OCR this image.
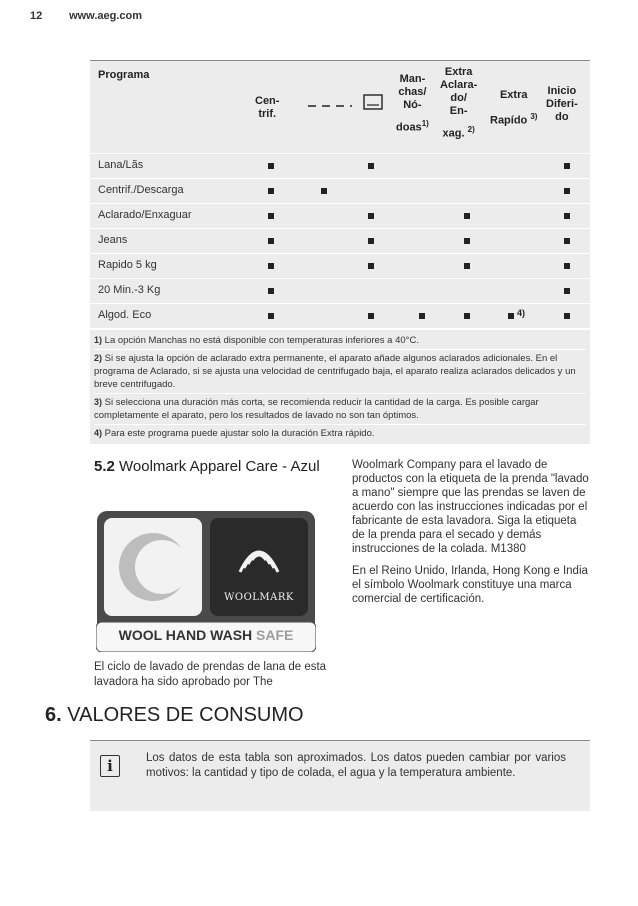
12 www.aeg.com
Programa
Cen-
trif.
Man-
chas/
Nó-
doas$^{1)}$
Extra
Aclara-
do/
En-
xag. $^{2)}$
Extra
Rapído $^{3)}$
Inicio
Diferi-
do
Lana/Lãs
Centrif./Descarga
Aclarado/Enxaguar
Jeans
Rapido 5 kg
20 Min.-3 Kg
Algod. Eco	4)
1) La opción Manchas no está disponible con temperaturas inferiores a 40°C.
2) Si se ajusta la opción de aclarado extra permanente, el aparato añade algunos aclarados adicionales. En el programa de Aclarado, si se ajusta una velocidad de centrifugado baja, el aparato realiza aclarados delicados y un breve centrifugado.
3) Si selecciona una duración más corta, se recomienda reducir la cantidad de la carga. Es posible cargar completamente el aparato, pero los resultados de lavado no son tan óptimos.
4) Para este programa puede ajustar solo la duración Extra rápido.
5.2 Woolmark Apparel Care - Azul
WOOLMARK
WOOL HAND WASH SAFE
El ciclo de lavado de prendas de lana de esta lavadora ha sido aprobado por The

Woolmark Company para el lavado de productos con la etiqueta de la prenda "lavado a mano" siempre que las prendas se laven de acuerdo con las instrucciones indicadas por el fabricante de esta lavadora. Siga la etiqueta de la prenda para el secado y demás instrucciones de la colada. M1380

En el Reino Unido, Irlanda, Hong Kong e India el símbolo Woolmark constituye una marca comercial de certificación.

6. VALORES DE CONSUMO
i	Los datos de esta tabla son aproximados. Los datos pueden cambiar por varios motivos: la cantidad y tipo de colada, el agua y la temperatura ambiente.
